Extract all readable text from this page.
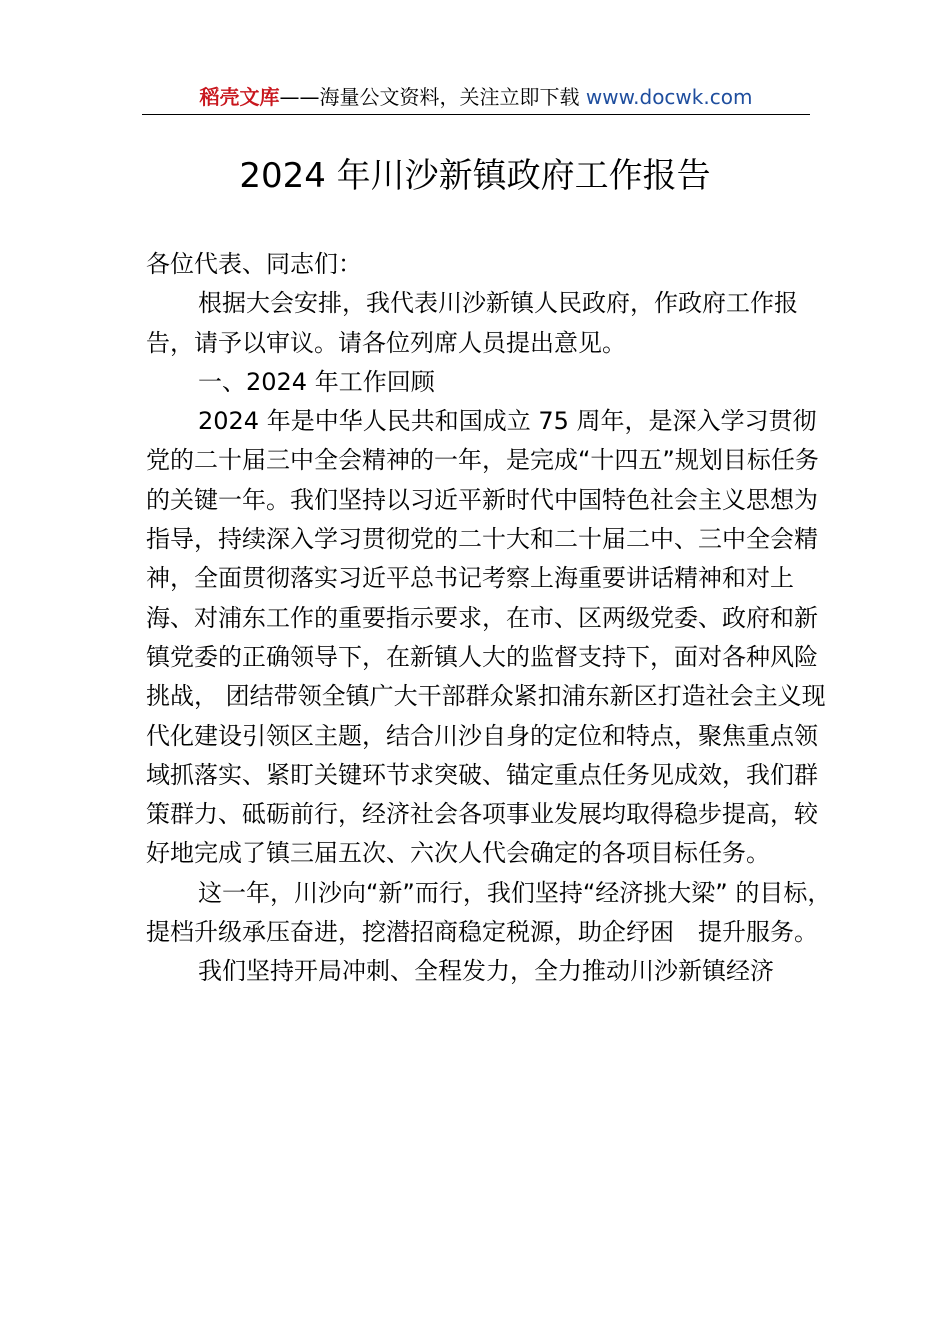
稻壳文库——海量公文资料，关注立即下载 www.docwk.com
2024 年川沙新镇政府工作报告

各位代表、同志们：

根据大会安排，我代表川沙新镇人民政府，作政府工作报告，请予以审议。请各位列席人员提出意见。

一、2024 年工作回顾

2024 年是中华人民共和国成立 75 周年，是深入学习贯彻党的二十届三中全会精神的一年，是完成“十四五”规划目标任务的关键一年。我们坚持以习近平新时代中国特色社会主义思想为指导，持续深入学习贯彻党的二十大和二十届二中、三中全会精神，全面贯彻落实习近平总书记考察上海重要讲话精神和对上海、对浦东工作的重要指示要求，在市、区两级党委、政府和新镇党委的正确领导下，在新镇人大的监督支持下，面对各种风险挑战， 团结带领全镇广大干部群众紧扣浦东新区打造社会主义现代化建设引领区主题，结合川沙自身的定位和特点，聚焦重点领域抓落实、紧盯关键环节求突破、锚定重点任务见成效，我们群策群力、砥砺前行，经济社会各项事业发展均取得稳步提高，较好地完成了镇三届五次、六次人代会确定的各项目标任务。

这一年，川沙向“新”而行，我们坚持“经济挑大梁” 的目标，提档升级承压奋进，挖潜招商稳定税源，助企纾困　提升服务。

我们坚持开局冲刺、全程发力，全力推动川沙新镇经济
